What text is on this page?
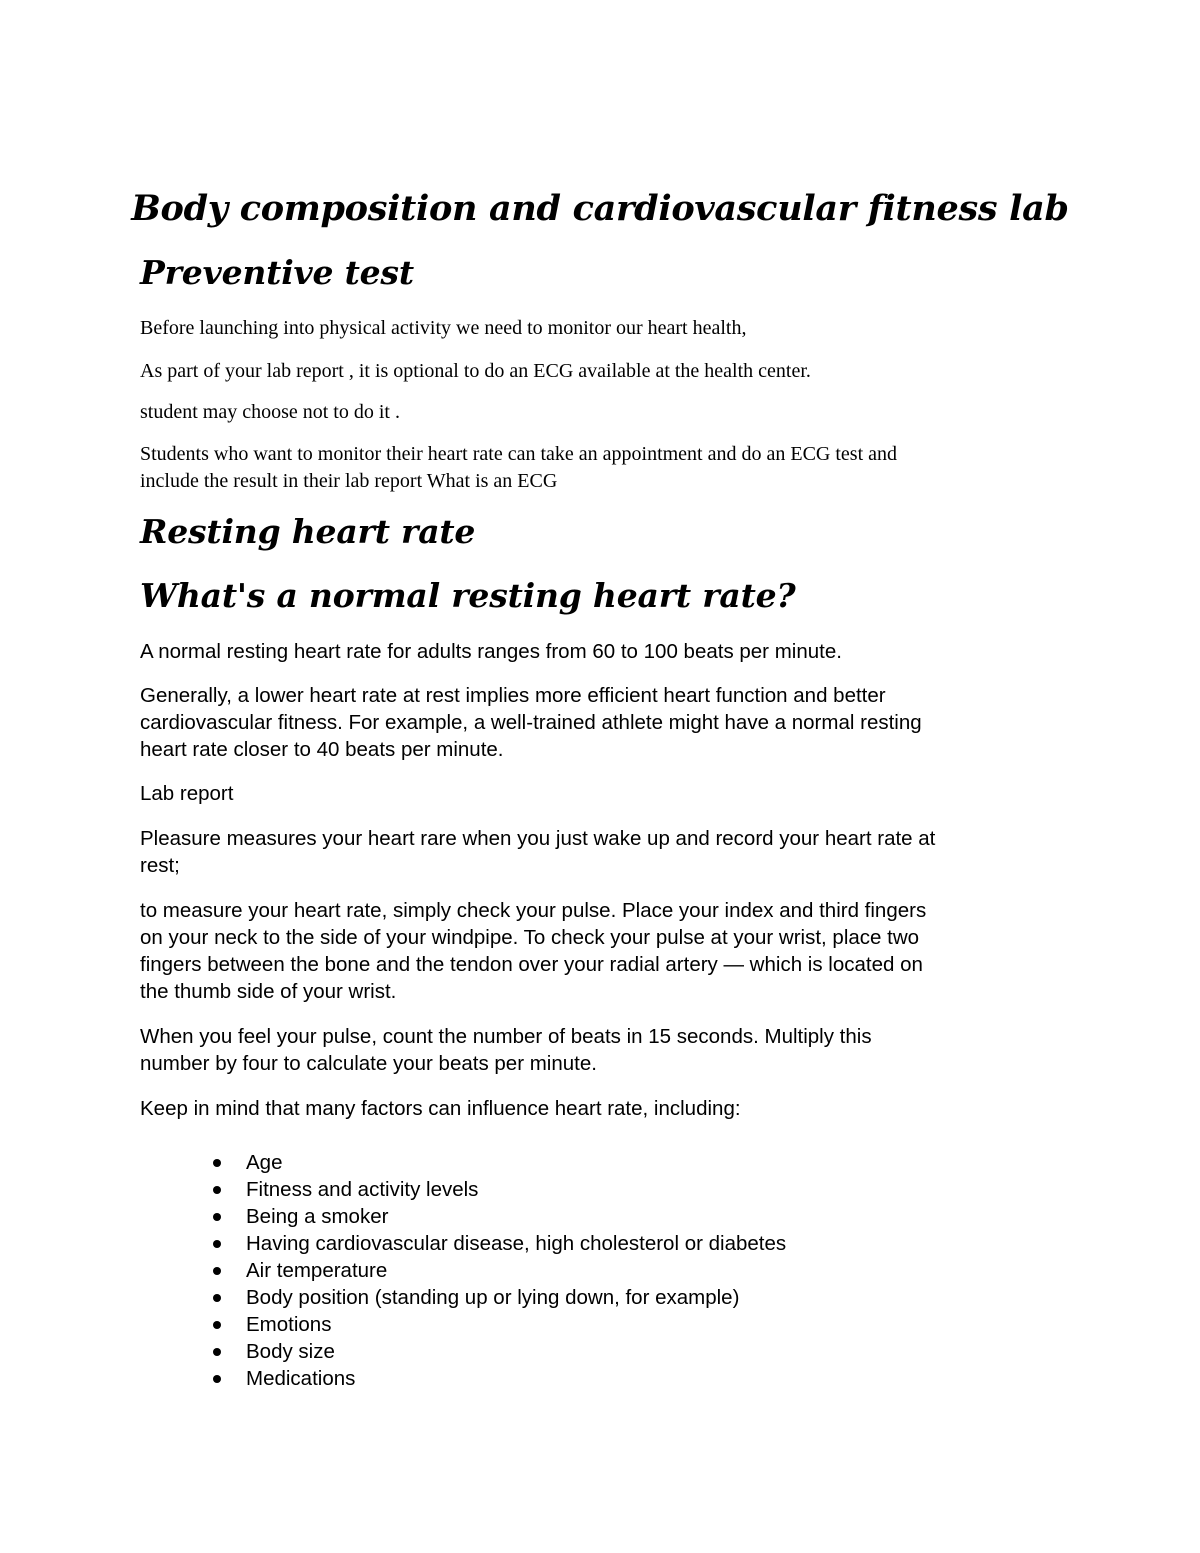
Body composition and cardiovascular fitness lab
Preventive test

Before launching into physical activity we need to monitor our heart health,

As part of your lab report , it is optional to do an ECG available at the health center.

student may choose not to do it .

Students who want to monitor their heart rate can take an appointment and do an ECG test and

include the result in their lab report What is an ECG

Resting heart rate
What's a normal resting heart rate?

A normal resting heart rate for adults ranges from 60 to 100 beats per minute.

Generally, a lower heart rate at rest implies more efficient heart function and better

cardiovascular fitness. For example, a well-trained athlete might have a normal resting

heart rate closer to 40 beats per minute.

Lab report

Pleasure measures your heart rare when you just wake up and record your heart rate at

rest;

to measure your heart rate, simply check your pulse. Place your index and third fingers

on your neck to the side of your windpipe. To check your pulse at your wrist, place two

fingers between the bone and the tendon over your radial artery — which is located on

the thumb side of your wrist.

When you feel your pulse, count the number of beats in 15 seconds. Multiply this

number by four to calculate your beats per minute.

Keep in mind that many factors can influence heart rate, including:

Age
Fitness and activity levels
Being a smoker
Having cardiovascular disease, high cholesterol or diabetes
Air temperature
Body position (standing up or lying down, for example)
Emotions
Body size
Medications
